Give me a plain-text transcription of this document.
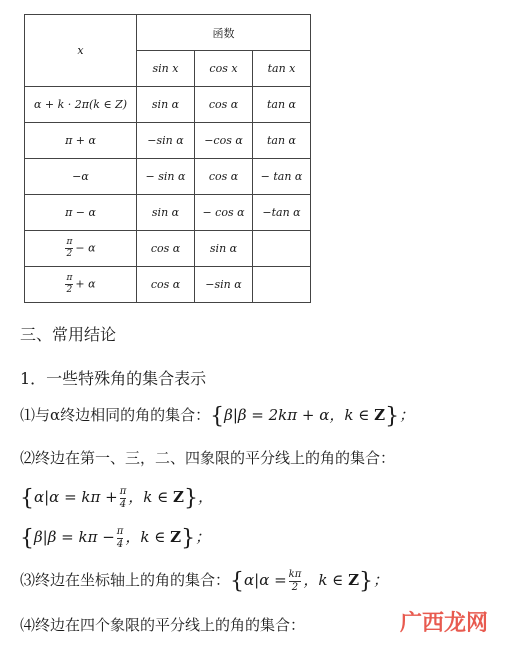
x	函数		
	sin x	cos x	tan x
α + k · 2π(k ∈ Z)	sin α	cos α	tan α
π + α	−sin α	−cos α	tan α
−α	− sin α	cos α	− tan α
π − α	sin α	− cos α	−tan α

$\frac{\pi}{2} - \alpha$	cos α	sin α	

$\frac{\pi}{2} + \alpha$	cos α	−sin α	
三、常用结论
1．一些特殊角的集合表示
⑴与α终边相同的角的集合：{β|β = 2kπ + α，k ∈ Z}；
⑵终边在第一、三，二、四象限的平分线上的角的集合：
{$\alpha|\alpha = k\pi + \frac{\pi}{4}$ ，k ∈ Z}，
{$\beta|\beta = k\pi - \frac{\pi}{4}$ ，k ∈ Z}；
⑶终边在坐标轴上的角的集合：{$\alpha|\alpha = \frac{k\pi}{2}$ ，k ∈ Z}；
⑷终边在四个象限的平分线上的角的集合：	广西龙网
